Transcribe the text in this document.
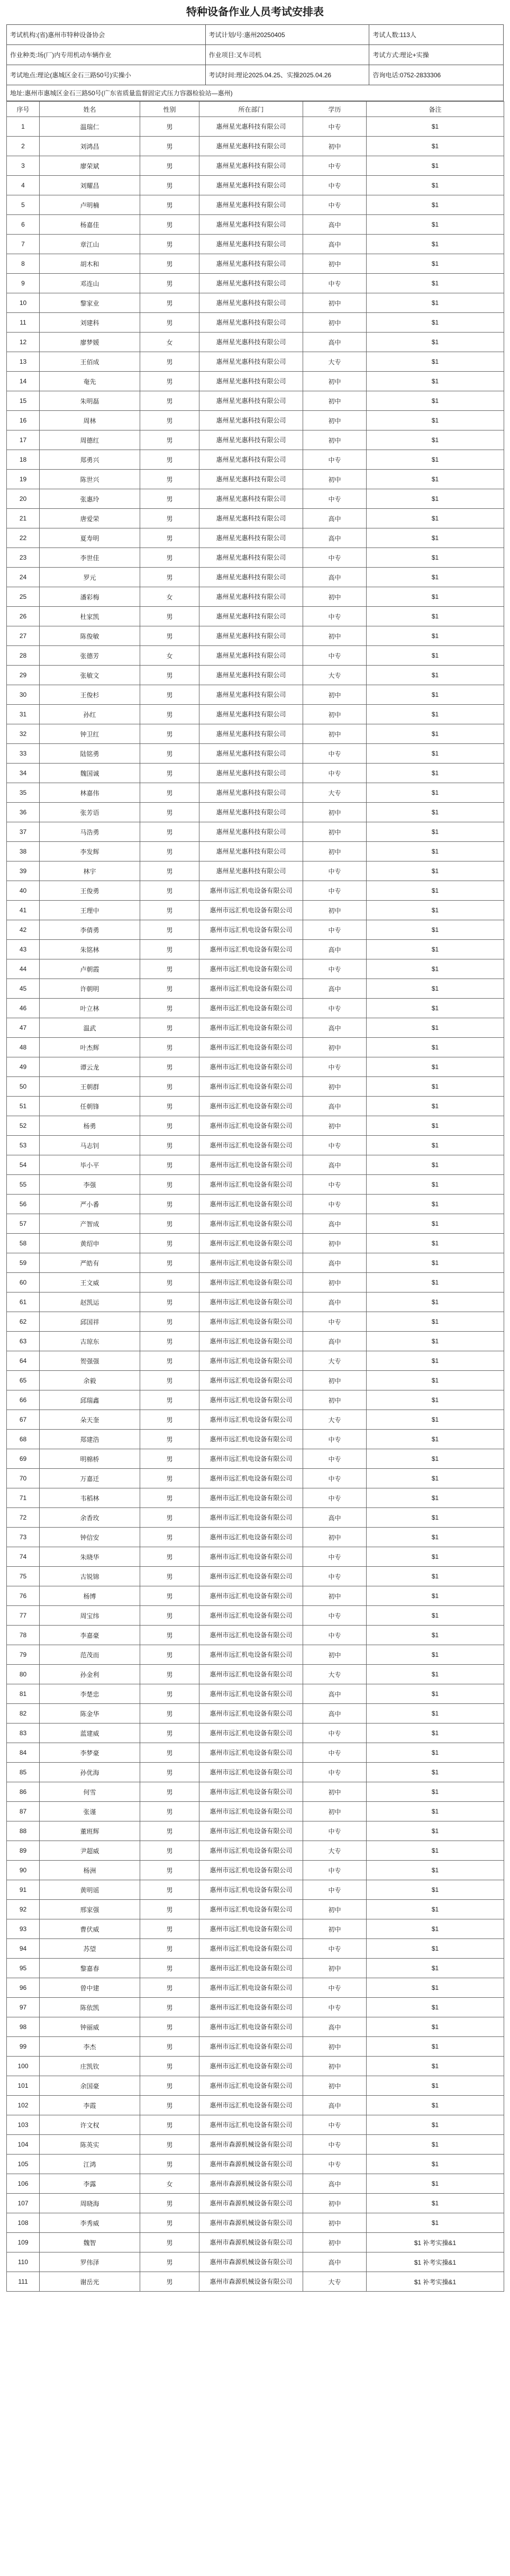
特种设备作业人员考试安排表
考试机构:(省)惠州市特种设备协会	考试计划/号:惠州20250405	考试人数:113人
作业种类:场(厂)内专用机动车辆作业	作业项目:叉车司机	考试方式:理论+实操
考试地点:理论(惠城区金石三路50号)实操小	考试时间:理论2025.04.25、实操2025.04.26	咨询电话:0752-2833306
地址:惠州市惠城区金石三路50号(广东省质量监督固定式压力容器检验站—惠州)
序号	姓名	性别	所在部门	学历	备注
1	温瑞仁	男	惠州星光惠科技有限公司	中专	$1
2	刘鸿昌	男	惠州星光惠科技有限公司	初中	$1
3	廖荣斌	男	惠州星光惠科技有限公司	中专	$1
4	刘耀昌	男	惠州星光惠科技有限公司	中专	$1
5	卢明楠	男	惠州星光惠科技有限公司	中专	$1
6	杨嘉佳	男	惠州星光惠科技有限公司	高中	$1
7	章江山	男	惠州星光惠科技有限公司	高中	$1
8	胡木和	男	惠州星光惠科技有限公司	初中	$1
9	邓连山	男	惠州星光惠科技有限公司	中专	$1
10	黎家业	男	惠州星光惠科技有限公司	初中	$1
11	刘建科	男	惠州星光惠科技有限公司	初中	$1
12	廖梦媛	女	惠州星光惠科技有限公司	高中	$1
13	王佰成	男	惠州星光惠科技有限公司	大专	$1
14	奄先	男	惠州星光惠科技有限公司	初中	$1
15	朱明磊	男	惠州星光惠科技有限公司	初中	$1
16	周林	男	惠州星光惠科技有限公司	初中	$1
17	周德红	男	惠州星光惠科技有限公司	初中	$1
18	郑勇兴	男	惠州星光惠科技有限公司	中专	$1
19	陈世兴	男	惠州星光惠科技有限公司	初中	$1
20	张惠玲	男	惠州星光惠科技有限公司	中专	$1
21	唐爱荣	男	惠州星光惠科技有限公司	高中	$1
22	夏寿明	男	惠州星光惠科技有限公司	高中	$1
23	李世佳	男	惠州星光惠科技有限公司	中专	$1
24	罗元	男	惠州星光惠科技有限公司	高中	$1
25	潘彩梅	女	惠州星光惠科技有限公司	初中	$1
26	杜家凯	男	惠州星光惠科技有限公司	中专	$1
27	陈俊敏	男	惠州星光惠科技有限公司	初中	$1
28	张德芳	女	惠州星光惠科技有限公司	中专	$1
29	张敏文	男	惠州星光惠科技有限公司	大专	$1
30	王俊杉	男	惠州星光惠科技有限公司	初中	$1
31	孙红	男	惠州星光惠科技有限公司	初中	$1
32	钟卫红	男	惠州星光惠科技有限公司	初中	$1
33	陆铭勇	男	惠州星光惠科技有限公司	中专	$1
34	魏国诚	男	惠州星光惠科技有限公司	中专	$1
35	林嘉伟	男	惠州星光惠科技有限公司	大专	$1
36	张芳语	男	惠州星光惠科技有限公司	初中	$1
37	马浩勇	男	惠州星光惠科技有限公司	初中	$1
38	李发辉	男	惠州星光惠科技有限公司	初中	$1
39	林宇	男	惠州星光惠科技有限公司	中专	$1
40	王俊勇	男	惠州市远汇机电设备有限公司	中专	$1
41	王理中	男	惠州市远汇机电设备有限公司	初中	$1
42	李倩勇	男	惠州市远汇机电设备有限公司	中专	$1
43	朱铭林	男	惠州市远汇机电设备有限公司	高中	$1
44	卢朝霞	男	惠州市远汇机电设备有限公司	中专	$1
45	许朝明	男	惠州市远汇机电设备有限公司	高中	$1
46	叶立林	男	惠州市远汇机电设备有限公司	中专	$1
47	温武	男	惠州市远汇机电设备有限公司	高中	$1
48	叶杰辉	男	惠州市远汇机电设备有限公司	初中	$1
49	谭云龙	男	惠州市远汇机电设备有限公司	中专	$1
50	王朝群	男	惠州市远汇机电设备有限公司	初中	$1
51	任朝锋	男	惠州市远汇机电设备有限公司	高中	$1
52	杨勇	男	惠州市远汇机电设备有限公司	初中	$1
53	马志钊	男	惠州市远汇机电设备有限公司	中专	$1
54	毕小平	男	惠州市远汇机电设备有限公司	高中	$1
55	李强	男	惠州市远汇机电设备有限公司	中专	$1
56	严小番	男	惠州市远汇机电设备有限公司	中专	$1
57	产智成	男	惠州市远汇机电设备有限公司	高中	$1
58	黄绍申	男	惠州市远汇机电设备有限公司	初中	$1
59	严皓有	男	惠州市远汇机电设备有限公司	高中	$1
60	王文威	男	惠州市远汇机电设备有限公司	初中	$1
61	赵凯运	男	惠州市远汇机电设备有限公司	高中	$1
62	邱国祥	男	惠州市远汇机电设备有限公司	中专	$1
63	古琼东	男	惠州市远汇机电设备有限公司	高中	$1
64	贺强强	男	惠州市远汇机电设备有限公司	大专	$1
65	余毅	男	惠州市远汇机电设备有限公司	初中	$1
66	邱瑞鑫	男	惠州市远汇机电设备有限公司	初中	$1
67	朵天奎	男	惠州市远汇机电设备有限公司	大专	$1
68	郑建浩	男	惠州市远汇机电设备有限公司	中专	$1
69	明棉桥	男	惠州市远汇机电设备有限公司	中专	$1
70	万嘉迁	男	惠州市远汇机电设备有限公司	中专	$1
71	韦稻林	男	惠州市远汇机电设备有限公司	中专	$1
72	余香玫	男	惠州市远汇机电设备有限公司	高中	$1
73	钟信安	男	惠州市远汇机电设备有限公司	初中	$1
74	朱晓华	男	惠州市远汇机电设备有限公司	中专	$1
75	古锐锦	男	惠州市远汇机电设备有限公司	中专	$1
76	杨博	男	惠州市远汇机电设备有限公司	初中	$1
77	周宝纬	男	惠州市远汇机电设备有限公司	中专	$1
78	李嘉豪	男	惠州市远汇机电设备有限公司	中专	$1
79	范茂而	男	惠州市远汇机电设备有限公司	初中	$1
80	孙金利	男	惠州市远汇机电设备有限公司	大专	$1
81	李楚忠	男	惠州市远汇机电设备有限公司	高中	$1
82	陈金华	男	惠州市远汇机电设备有限公司	高中	$1
83	蓝建威	男	惠州市远汇机电设备有限公司	中专	$1
84	李梦豪	男	惠州市远汇机电设备有限公司	中专	$1
85	孙优海	男	惠州市远汇机电设备有限公司	中专	$1
86	何雪	男	惠州市远汇机电设备有限公司	初中	$1
87	张谨	男	惠州市远汇机电设备有限公司	初中	$1
88	董班辉	男	惠州市远汇机电设备有限公司	中专	$1
89	尹超威	男	惠州市远汇机电设备有限公司	大专	$1
90	杨洲	男	惠州市远汇机电设备有限公司	中专	$1
91	黄明谣	男	惠州市远汇机电设备有限公司	中专	$1
92	邢家强	男	惠州市远汇机电设备有限公司	初中	$1
93	曹伏威	男	惠州市远汇机电设备有限公司	初中	$1
94	苏望	男	惠州市远汇机电设备有限公司	中专	$1
95	黎嘉春	男	惠州市远汇机电设备有限公司	初中	$1
96	曾中建	男	惠州市远汇机电设备有限公司	中专	$1
97	陈依凯	男	惠州市远汇机电设备有限公司	中专	$1
98	钟丽威	男	惠州市远汇机电设备有限公司	高中	$1
99	李杰	男	惠州市远汇机电设备有限公司	初中	$1
100	庄凯钦	男	惠州市远汇机电设备有限公司	初中	$1
101	余国豪	男	惠州市远汇机电设备有限公司	初中	$1
102	李霞	男	惠州市远汇机电设备有限公司	高中	$1
103	许文权	男	惠州市远汇机电设备有限公司	中专	$1
104	陈英实	男	惠州市森源机械设备有限公司	中专	$1
105	江鸿	男	惠州市森源机械设备有限公司	中专	$1
106	李露	女	惠州市森源机械设备有限公司	高中	$1
107	周晓海	男	惠州市森源机械设备有限公司	初中	$1
108	李秀威	男	惠州市森源机械设备有限公司	初中	$1
109	魏智	男	惠州市森源机械设备有限公司	初中	$1 补考实操&1
110	罗伟泽	男	惠州市森源机械设备有限公司	高中	$1 补考实操&1
111	谢岳光	男	惠州市森源机械设备有限公司	大专	$1 补考实操&1
